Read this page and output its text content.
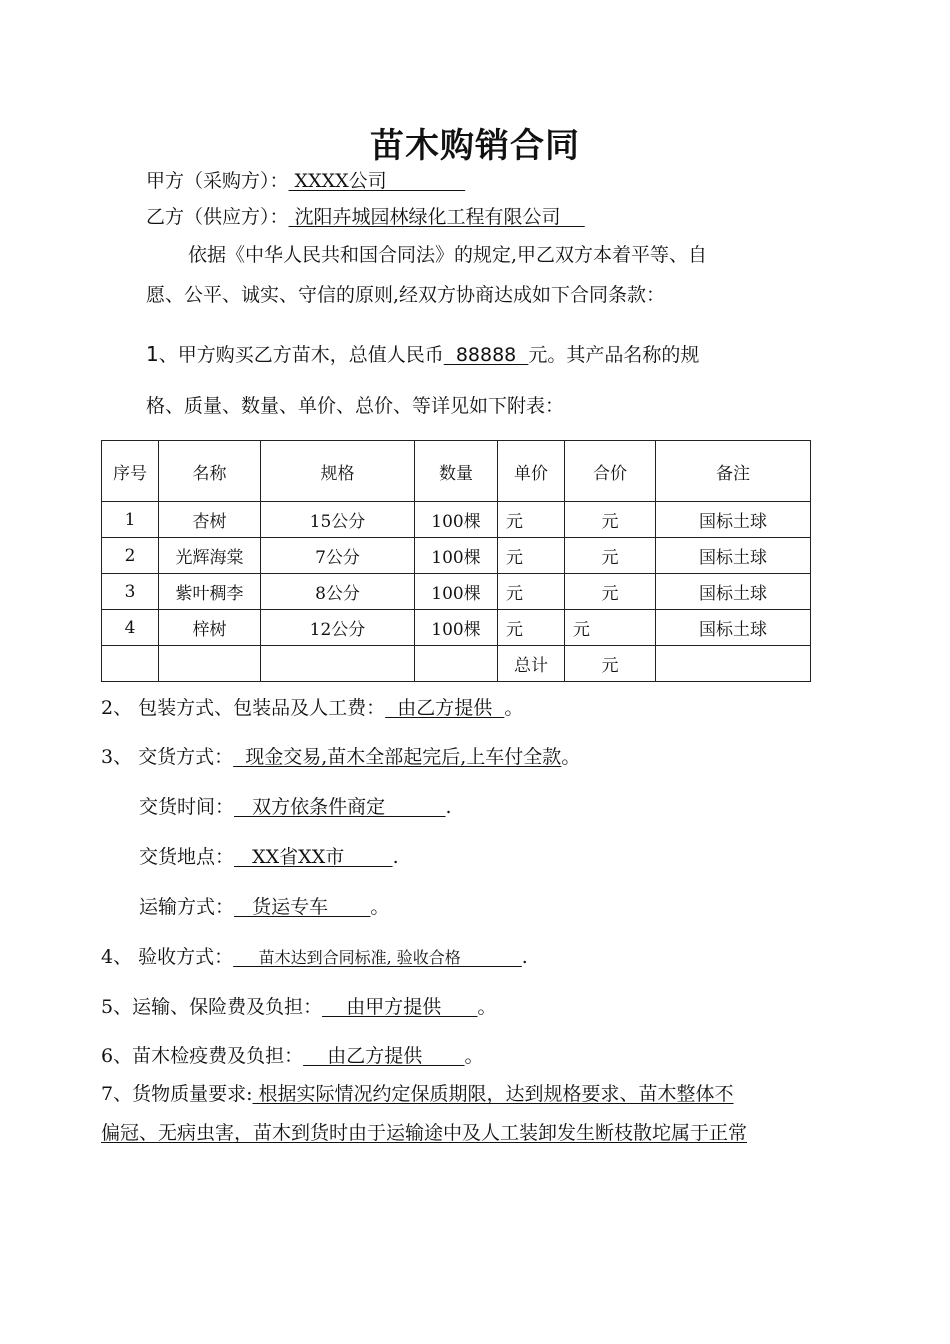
苗木购销合同
甲方（采购方）： XXXX公司
乙方（供应方）： 沈阳卉城园林绿化工程有限公司
依据《中华人民共和国合同法》的规定,甲乙双方本着平等、自
愿、公平、诚实、守信的原则,经双方协商达成如下合同条款：
1、甲方购买乙方苗木，总值人民币  88888  元。其产品名称的规
格、质量、数量、单价、总价、等详见如下附表：
序号	名称	规格	数量	单价	合价	备注
1	杏树	15公分	100棵	元	元	国标土球
2	光辉海棠	7公分	100棵	元	元	国标土球
3	紫叶稠李	8公分	100棵	元	元	国标土球
4	梓树	12公分	100棵	元	元	国标土球
				总计	元	
2、 包装方式、包装品及人工费：  由乙方提供  。
3、 交货方式：  现金交易,苗木全部起完后,上车付全款。
交货时间：   双方依条件商定          .
交货地点：   XX省XX市        .
运输方式：   货运专车       。
4、 验收方式：     苗木达到合同标准, 验收合格            .
5、运输、保险费及负担：    由甲方提供      。
6、苗木检疫费及负担：    由乙方提供       。
7、货物质量要求: 根据实际情况约定保质期限，达到规格要求、苗木整体不
偏冠、无病虫害，苗木到货时由于运输途中及人工装卸发生断枝散坨属于正常
